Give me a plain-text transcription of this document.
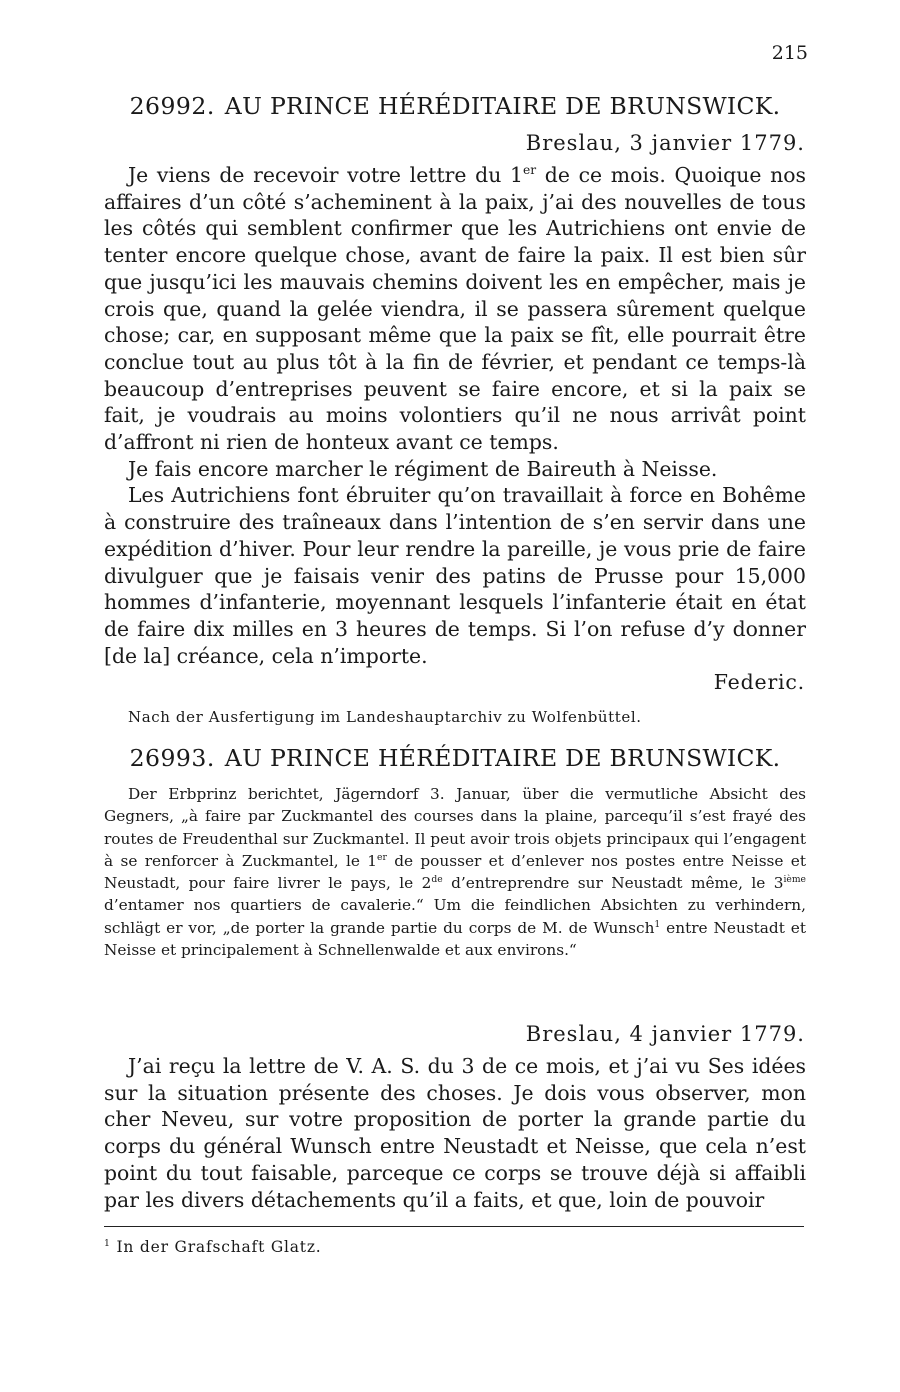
215
26992. AU PRINCE HÉRÉDITAIRE DE BRUNSWICK.
Breslau, 3 janvier 1779.

Je viens de recevoir votre lettre du 1er de ce mois. Quoique nos affaires d’un côté s’acheminent à la paix, j’ai des nouvelles de tous les côtés qui semblent confirmer que les Autrichiens ont envie de tenter encore quelque chose, avant de faire la paix. Il est bien sûr que jusqu’ici les mauvais chemins doivent les en empêcher, mais je crois que, quand la gelée viendra, il se passera sûrement quelque chose; car, en supposant même que la paix se fît, elle pourrait être conclue tout au plus tôt à la fin de février, et pendant ce temps-là beaucoup d’entreprises peuvent se faire encore, et si la paix se fait, je voudrais au moins volontiers qu’il ne nous arrivât point d’affront ni rien de honteux avant ce temps.

Je fais encore marcher le régiment de Baireuth à Neisse.

Les Autrichiens font ébruiter qu’on travaillait à force en Bohême à construire des traîneaux dans l’intention de s’en servir dans une expédition d’hiver. Pour leur rendre la pareille, je vous prie de faire divulguer que je faisais venir des patins de Prusse pour 15,000 hommes d’infanterie, moyennant lesquels l’infanterie était en état de faire dix milles en 3 heures de temps. Si l’on refuse d’y donner [de la] créance, cela n’importe.

Federic.
Nach der Ausfertigung im Landeshauptarchiv zu Wolfenbüttel.
26993. AU PRINCE HÉRÉDITAIRE DE BRUNSWICK.

Der Erbprinz berichtet, Jägerndorf 3. Januar, über die vermutliche Absicht des Gegners, „à faire par Zuckmantel des courses dans la plaine, parcequ’il s’est frayé des routes de Freudenthal sur Zuckmantel. Il peut avoir trois objets principaux qui l’engagent à se renforcer à Zuckmantel, le 1er de pousser et d’enlever nos postes entre Neisse et Neustadt, pour faire livrer le pays, le 2de d’entreprendre sur Neustadt même, le 3ième d’entamer nos quartiers de cavalerie.“ Um die feindlichen Absichten zu verhindern, schlägt er vor, „de porter la grande partie du corps de M. de Wunsch$^1$ entre Neustadt et Neisse et principalement à Schnellenwalde et aux environs.“

Breslau, 4 janvier 1779.

J’ai reçu la lettre de V. A. S. du 3 de ce mois, et j’ai vu Ses idées sur la situation présente des choses. Je dois vous observer, mon cher Neveu, sur votre proposition de porter la grande partie du corps du général Wunsch entre Neustadt et Neisse, que cela n’est point du tout faisable, parceque ce corps se trouve déjà si affaibli par les divers détachements qu’il a faits, et que, loin de pouvoir

$^1$ In der Grafschaft Glatz.
